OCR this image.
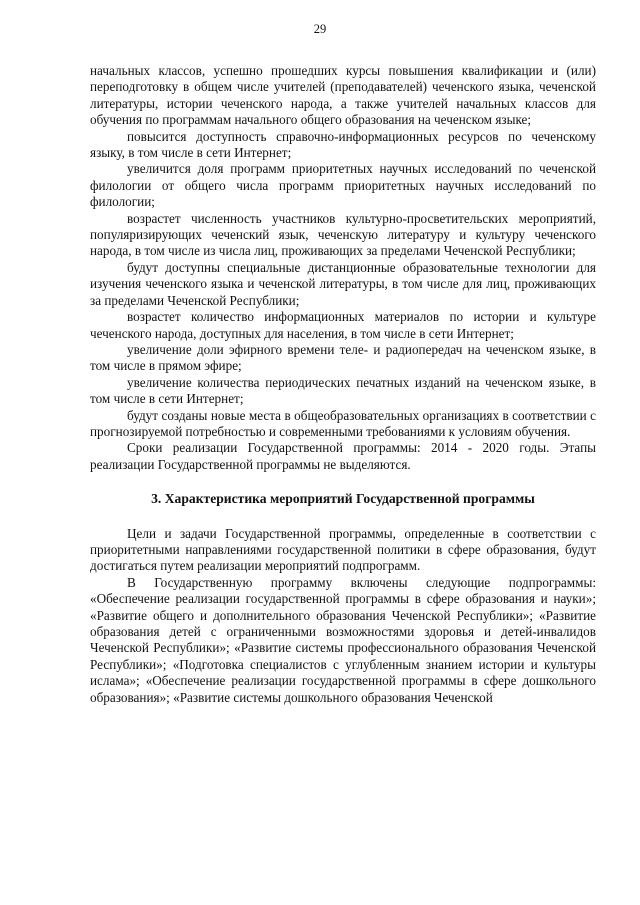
29

начальных классов, успешно прошедших курсы повышения квалификации и (или) переподготовку в общем числе учителей (преподавателей) чеченского языка, чеченской литературы, истории чеченского народа, а также учителей начальных классов для обучения по программам начального общего образования на чеченском языке;

повысится доступность справочно-информационных ресурсов по чеченскому языку, в том числе в сети Интернет;

увеличится доля программ приоритетных научных исследований по чеченской филологии от общего числа программ приоритетных научных исследований по филологии;

возрастет численность участников культурно-просветительских мероприятий, популяризирующих чеченский язык, чеченскую литературу и культуру чеченского народа, в том числе из числа лиц, проживающих за пределами Чеченской Республики;

будут доступны специальные дистанционные образовательные технологии для изучения чеченского языка и чеченской литературы, в том числе для лиц, проживающих за пределами Чеченской Республики;

возрастет количество информационных материалов по истории и культуре чеченского народа, доступных для населения, в том числе в сети Интернет;

увеличение доли эфирного времени теле- и радиопередач на чеченском языке, в том числе в прямом эфире;

увеличение количества периодических печатных изданий на чеченском языке, в том числе в сети Интернет;

будут созданы новые места в общеобразовательных организациях в соответствии с прогнозируемой потребностью и современными требованиями к условиям обучения.

Сроки реализации Государственной программы: 2014 - 2020 годы. Этапы реализации Государственной программы не выделяются.

3. Характеристика мероприятий Государственной программы

Цели и задачи Государственной программы, определенные в соответствии с приоритетными направлениями государственной политики в сфере образования, будут достигаться путем реализации мероприятий подпрограмм.

В Государственную программу включены следующие подпрограммы: «Обеспечение реализации государственной программы в сфере образования и науки»; «Развитие общего и дополнительного образования Чеченской Республики»; «Развитие образования детей с ограниченными возможностями здоровья и детей-инвалидов Чеченской Республики»; «Развитие системы профессионального образования Чеченской Республики»; «Подготовка специалистов с углубленным знанием истории и культуры ислама»; «Обеспечение реализации государственной программы в сфере дошкольного образования»; «Развитие системы дошкольного образования Чеченской
